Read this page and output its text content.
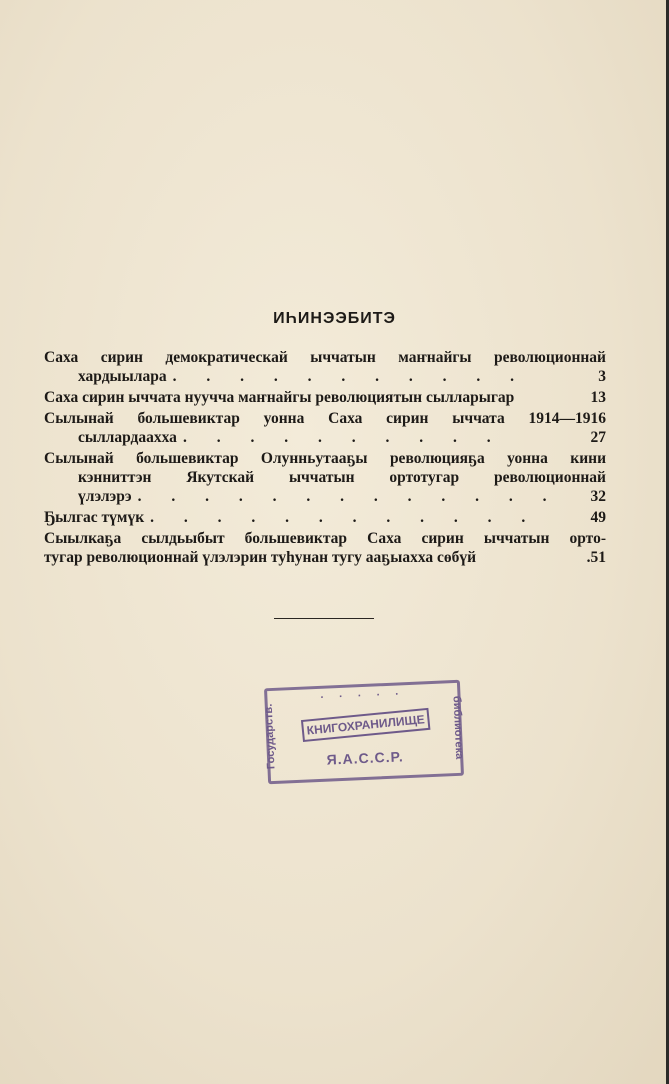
ИҺИНЭЭБИТЭ
Саха сирин демократическай ыччатын маҥнайгы революционнай
хардыылара . . . . . . . . . . .	3
Саха сирин ыччата нуучча маҥнайгы революциятын сылларыгар	13
Сылынай большевиктар уонна Саха сирин ыччата 1914—1916
сыллардаахха . . . . . . . . . .	27
Сылынай большевиктар Олунньутааҕы революцияҕа уонна кини
кэнниттэн Якутскай ыччатын ортотугар революционнай
үлэлэрэ . . . . . . . . . . . . .	32
Ҕылгас түмүк . . . . . . . . . . . .	49
Сыылкаҕа сылдьыбыт большевиктар Саха сирин ыччатын орто-
тугар революционнай үлэлэрин туһунан тугу ааҕыахха сөбүй	.51
· · · · ·
Государств.	библиотека
КНИГОХРАНИЛИЩЕ
Я.А.С.С.Р.
